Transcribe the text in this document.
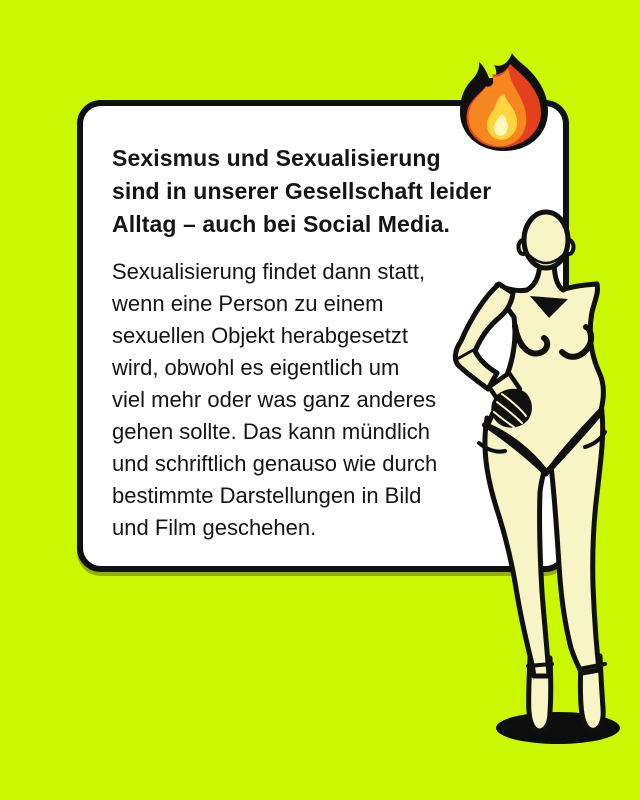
Sexismus und Sexualisierung
sind in unserer Gesellschaft leider
Alltag – auch bei Social Media.
Sexualisierung findet dann statt,
wenn eine Person zu einem
sexuellen Objekt herabgesetzt
wird, obwohl es eigentlich um
viel mehr oder was ganz anderes
gehen sollte. Das kann mündlich
und schriftlich genauso wie durch
bestimmte Darstellungen in Bild
und Film geschehen.
